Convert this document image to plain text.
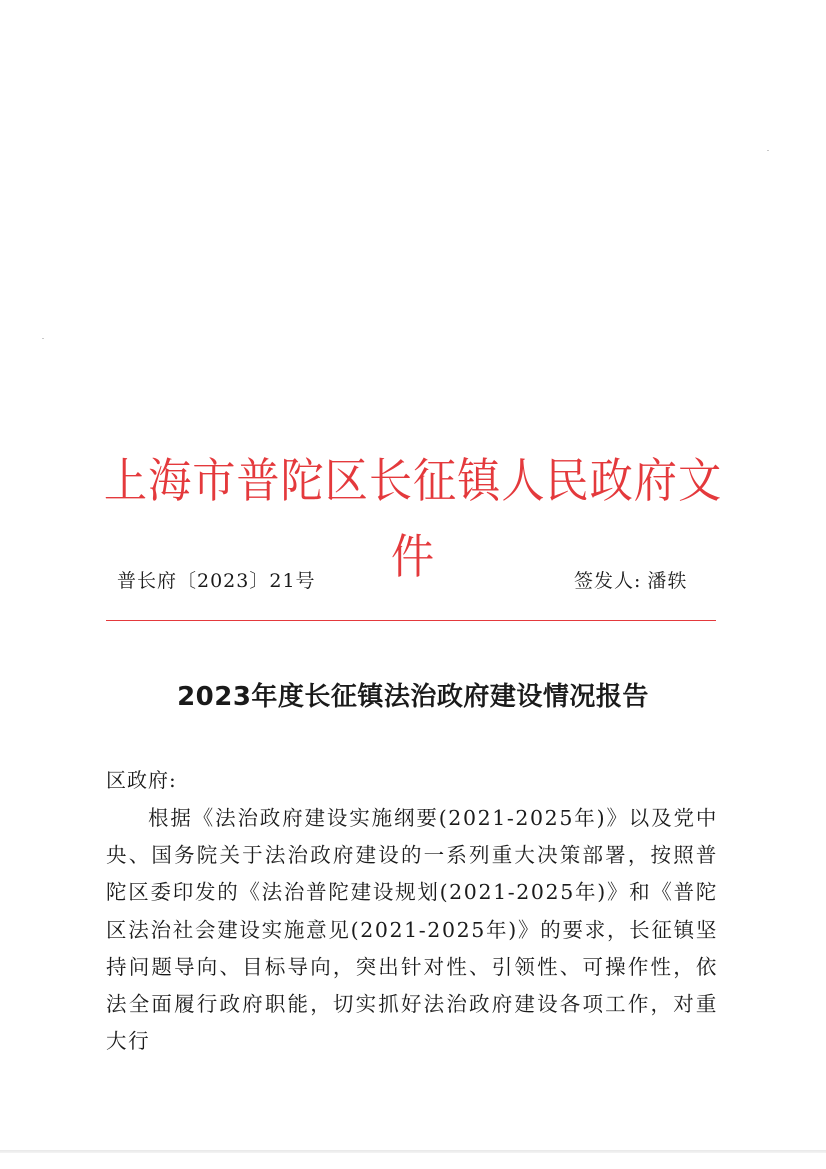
上海市普陀区长征镇人民政府文件
普长府〔2023〕21号	签发人: 潘轶
2023年度长征镇法治政府建设情况报告
区政府:

根据《法治政府建设实施纲要(2021-2025年)》以及党中央、国务院关于法治政府建设的一系列重大决策部署，按照普陀区委印发的《法治普陀建设规划(2021-2025年)》和《普陀区法治社会建设实施意见(2021-2025年)》的要求，长征镇坚持问题导向、目标导向，突出针对性、引领性、可操作性，依法全面履行政府职能，切实抓好法治政府建设各项工作，对重大行
